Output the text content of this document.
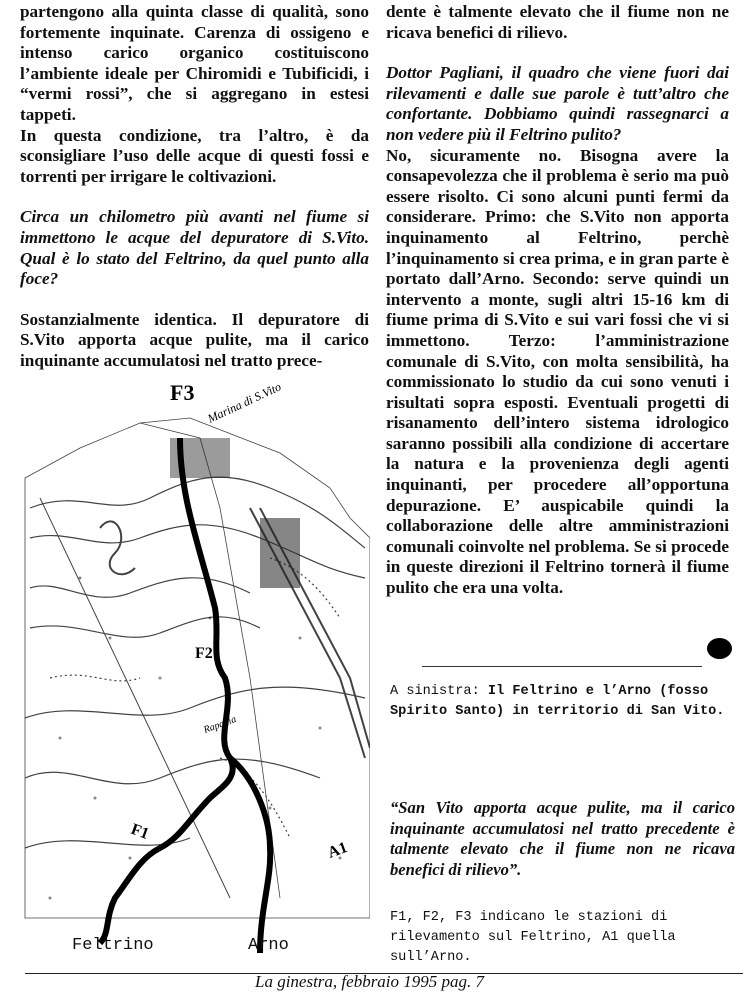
partengono alla quinta classe di qualità, sono fortemente inquinate. Carenza di ossigeno e intenso carico organico costituiscono l’ambiente ideale per Chiromidi e Tubificidi, i “vermi rossi”, che si aggregano in estesi tappeti.

In questa condizione, tra l’altro, è da sconsigliare l’uso delle acque di questi fossi e torrenti per irrigare le coltivazioni.

Circa un chilometro più avanti nel fiume si immettono le acque del depuratore di S.Vito. Qual è lo stato del Feltrino, da quel punto alla foce?

Sostanzialmente identica. Il depuratore di S.Vito apporta acque pulite, ma il carico inquinante accumulatosi nel tratto prece-

dente è talmente elevato che il fiume non ne ricava benefici di rilievo.

Dottor Pagliani, il quadro che viene fuori dai rilevamenti e dalle sue parole è tutt’altro che confortante. Dobbiamo quindi rassegnarci a non vedere più il Feltrino pulito?

No, sicuramente no. Bisogna avere la consapevolezza che il problema è serio ma può essere risolto. Ci sono alcuni punti fermi da considerare. Primo: che S.Vito non apporta inquinamento al Feltrino, perchè l’inquinamento si crea prima, e in gran parte è portato dall’Arno. Secondo: serve quindi un intervento a monte, sugli altri 15-16 km di fiume prima di S.Vito e sui vari fossi che vi si immettono. Terzo: l’amministrazione comunale di S.Vito, con molta sensibilità, ha commissionato lo studio da cui sono venuti i risultati sopra esposti. Eventuali progetti di risanamento dell’intero sistema idrologico saranno possibili alla condizione di accertare la natura e la provenienza degli agenti inquinanti, per procedere all’opportuna depurazione. E’ auspicabile quindi la collaborazione delle altre amministrazioni comunali coinvolte nel problema. Se si procede in queste direzioni il Feltrino tornerà il fiume pulito che era una volta.

F3 Marina di S.Vito
F2
F1
A1
Rapanìa
Feltrino	Arno
A sinistra: Il Feltrino e l’Arno (fosso Spirito Santo) in territorio di San Vito.
“San Vito apporta acque pulite, ma il carico inquinante accumulatosi nel tratto precedente è talmente elevato che il fiume non ne ricava benefici di rilievo”.
F1, F2, F3 indicano le stazioni di rilevamento sul Feltrino, A1 quella sull’Arno.
La ginestra, febbraio 1995 pag. 7
